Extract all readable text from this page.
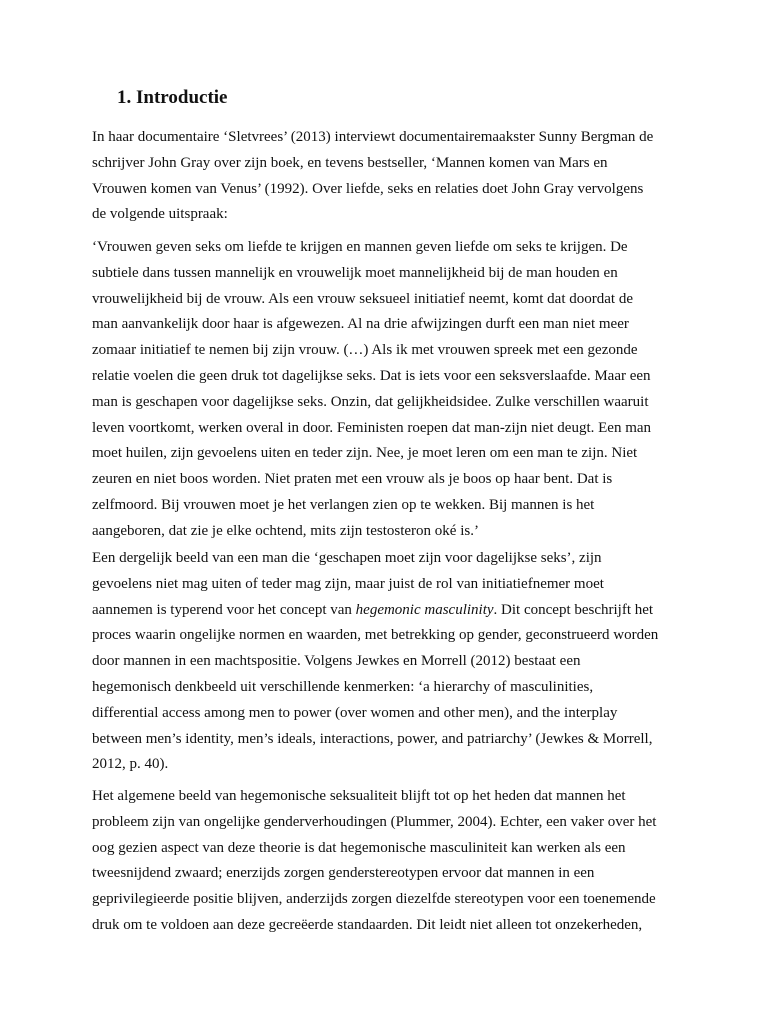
1. Introductie

In haar documentaire ‘Sletvrees’ (2013) interviewt documentairemaakster Sunny Bergman de
schrijver John Gray over zijn boek, en tevens bestseller, ‘Mannen komen van Mars en
Vrouwen komen van Venus’ (1992). Over liefde, seks en relaties doet John Gray vervolgens
de volgende uitspraak:

‘Vrouwen geven seks om liefde te krijgen en mannen geven liefde om seks te krijgen. De
subtiele dans tussen mannelijk en vrouwelijk moet mannelijkheid bij de man houden en
vrouwelijkheid bij de vrouw. Als een vrouw seksueel initiatief neemt, komt dat doordat de
man aanvankelijk door haar is afgewezen. Al na drie afwijzingen durft een man niet meer
zomaar initiatief te nemen bij zijn vrouw. (…) Als ik met vrouwen spreek met een gezonde
relatie voelen die geen druk tot dagelijkse seks. Dat is iets voor een seksverslaafde. Maar een
man is geschapen voor dagelijkse seks. Onzin, dat gelijkheidsidee. Zulke verschillen waaruit
leven voortkomt, werken overal in door. Feministen roepen dat man-zijn niet deugt. Een man
moet huilen, zijn gevoelens uiten en teder zijn. Nee, je moet leren om een man te zijn. Niet
zeuren en niet boos worden. Niet praten met een vrouw als je boos op haar bent. Dat is
zelfmoord. Bij vrouwen moet je het verlangen zien op te wekken. Bij mannen is het
aangeboren, dat zie je elke ochtend, mits zijn testosteron oké is.’

Een dergelijk beeld van een man die ‘geschapen moet zijn voor dagelijkse seks’, zijn
gevoelens niet mag uiten of teder mag zijn, maar juist de rol van initiatiefnemer moet
aannemen is typerend voor het concept van hegemonic masculinity. Dit concept beschrijft het
proces waarin ongelijke normen en waarden, met betrekking op gender, geconstrueerd worden
door mannen in een machtspositie. Volgens Jewkes en Morrell (2012) bestaat een
hegemonisch denkbeeld uit verschillende kenmerken: ‘a hierarchy of masculinities,
differential access among men to power (over women and other men), and the interplay
between men’s identity, men’s ideals, interactions, power, and patriarchy’ (Jewkes & Morrell,
2012, p. 40).

Het algemene beeld van hegemonische seksualiteit blijft tot op het heden dat mannen het
probleem zijn van ongelijke genderverhoudingen (Plummer, 2004). Echter, een vaker over het
oog gezien aspect van deze theorie is dat hegemonische masculiniteit kan werken als een
tweesnijdend zwaard; enerzijds zorgen genderstereotypen ervoor dat mannen in een
geprivilegieerde positie blijven, anderzijds zorgen diezelfde stereotypen voor een toenemende
druk om te voldoen aan deze gecreëerde standaarden. Dit leidt niet alleen tot onzekerheden,
